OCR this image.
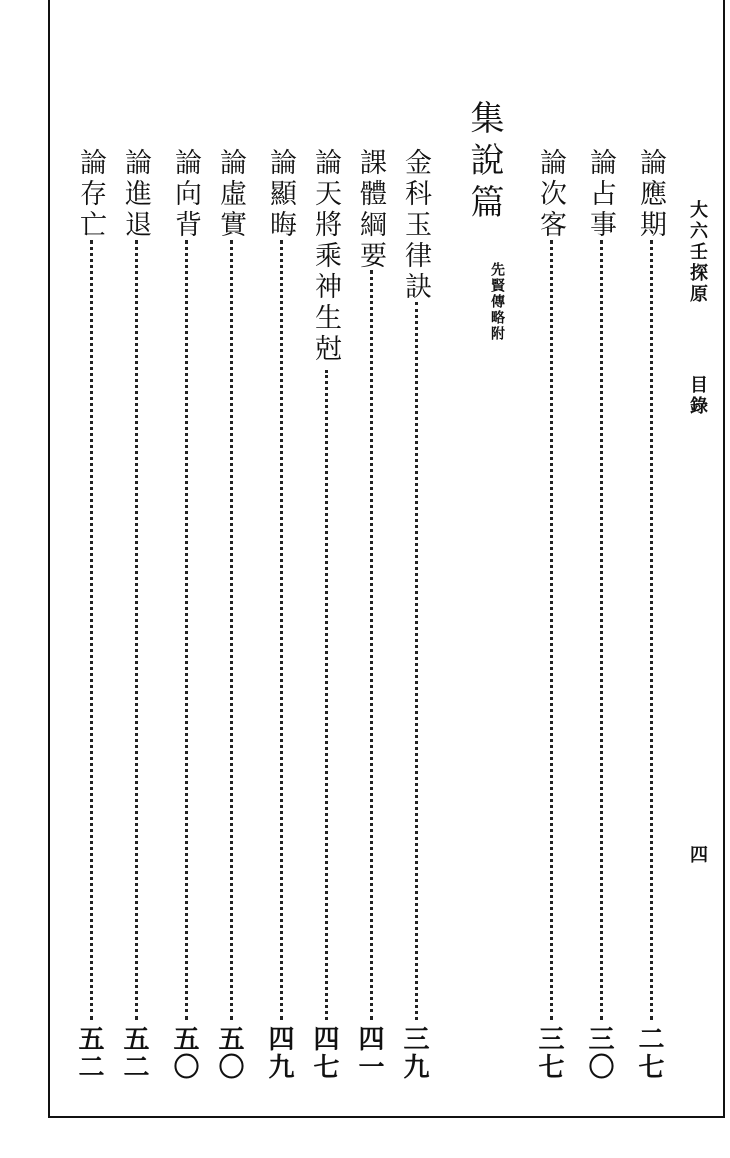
大六壬探原
目錄
四
集說篇
先賢傳略附
論應期
二七
論占事
三〇
論次客
三七
金科玉律訣
三九
課體綱要
四一
論天將乘神生尅
四七
論顯晦
四九
論虛實
五〇
論向背
五〇
論進退
五二
論存亡
五二
